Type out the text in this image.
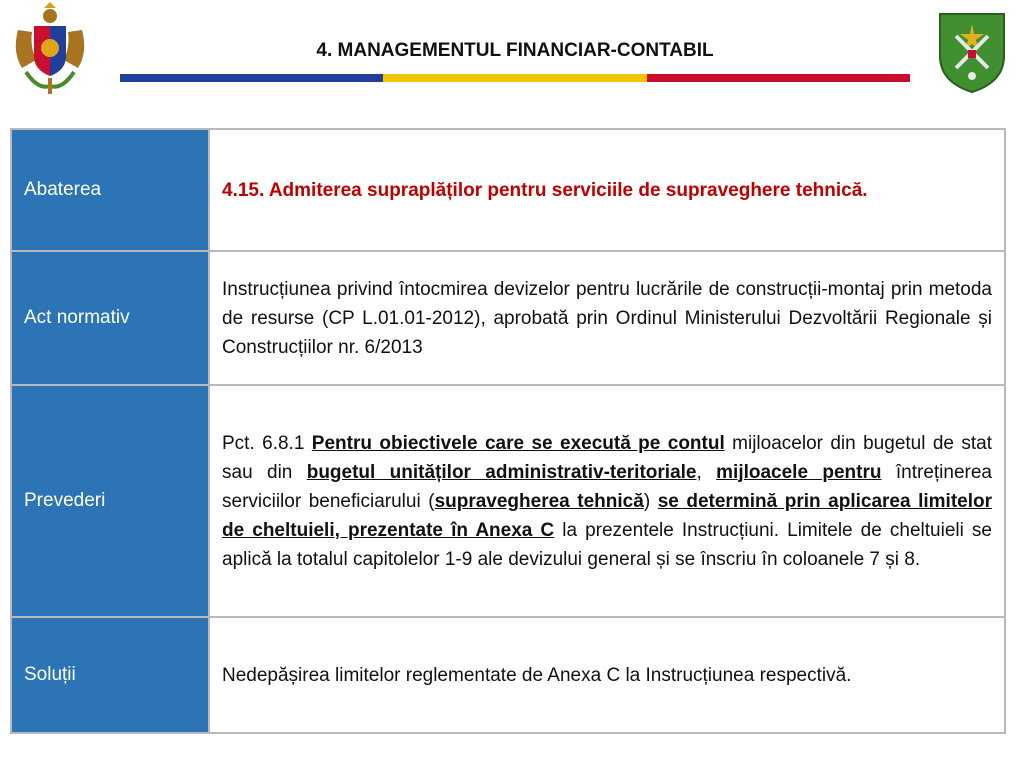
4. MANAGEMENTUL FINANCIAR-CONTABIL
Abaterea	4.15. Admiterea supraplăților pentru serviciile de supraveghere tehnică.
Act normativ	Instrucțiunea privind întocmirea devizelor pentru lucrările de construcții-montaj prin metoda de resurse (CP L.01.01-2012), aprobată prin Ordinul Ministerului Dezvoltării Regionale și Construcțiilor nr. 6/2013
Prevederi	Pct. 6.8.1 Pentru obiectivele care se execută pe contul mijloacelor din bugetul de stat sau din bugetul unităților administrativ-teritoriale, mijloacele pentru întreținerea serviciilor beneficiarului (supravegherea tehnică) se determină prin aplicarea limitelor de cheltuieli, prezentate în Anexa C la prezentele Instrucțiuni. Limitele de cheltuieli se aplică la totalul capitolelor 1-9 ale devizului general și se înscriu în coloanele 7 și 8.
Soluții	Nedepășirea limitelor reglementate de Anexa C la Instrucțiunea respectivă.
